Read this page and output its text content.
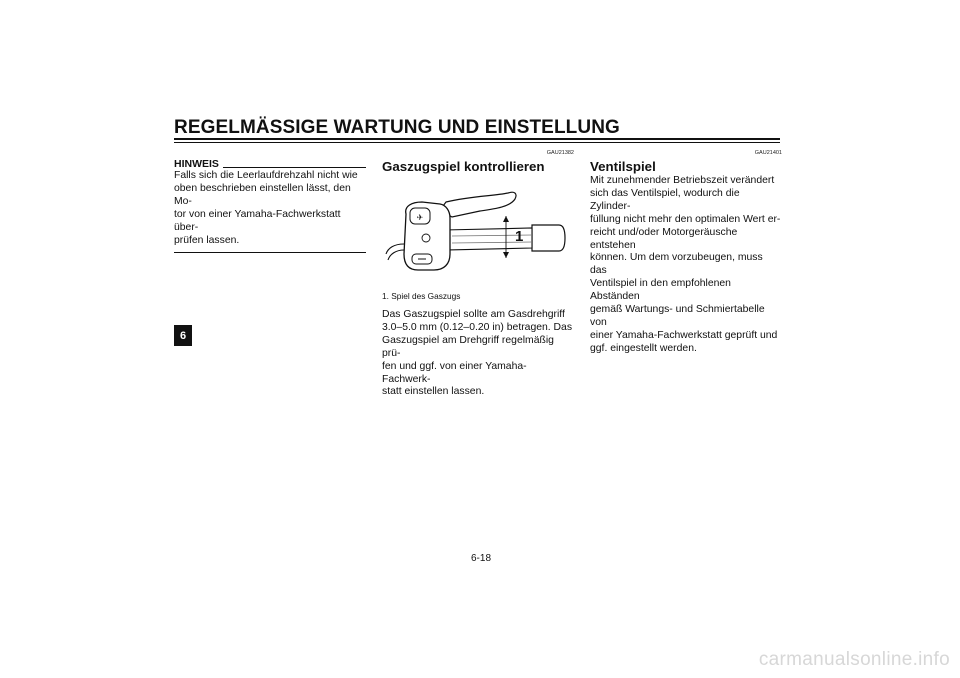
REGELMÄSSIGE WARTUNG UND EINSTELLUNG
6
HINWEIS

Falls sich die Leerlaufdrehzahl nicht wie
oben beschrieben einstellen lässt, den Mo-
tor von einer Yamaha-Fachwerkstatt über-
prüfen lassen.

GAU21382
Gaszugspiel kontrollieren
✈
1

1. Spiel des Gaszugs

Das Gaszugspiel sollte am Gasdrehgriff
3.0–5.0 mm (0.12–0.20 in) betragen. Das
Gaszugspiel am Drehgriff regelmäßig prü-
fen und ggf. von einer Yamaha-Fachwerk-
statt einstellen lassen.

GAU21401
Ventilspiel

Mit zunehmender Betriebszeit verändert
sich das Ventilspiel, wodurch die Zylinder-
füllung nicht mehr den optimalen Wert er-
reicht und/oder Motorgeräusche entstehen
können. Um dem vorzubeugen, muss das
Ventilspiel in den empfohlenen Abständen
gemäß Wartungs- und Schmiertabelle von
einer Yamaha-Fachwerkstatt geprüft und
ggf. eingestellt werden.

6-18
carmanualsonline.info
